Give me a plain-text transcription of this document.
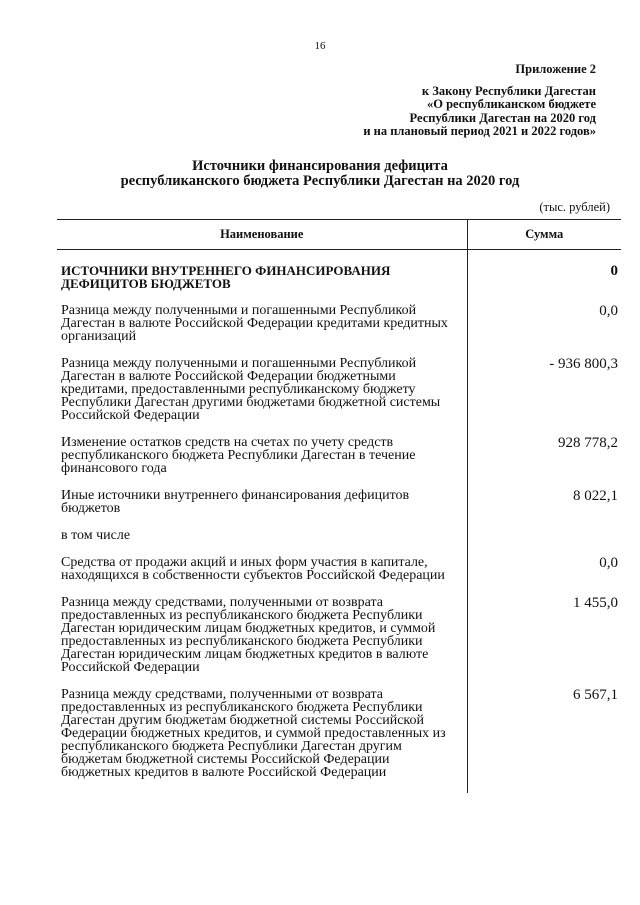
16
Приложение 2
к Закону Республики Дагестан
«О республиканском бюджете
Республики Дагестан на 2020 год
и на плановый период 2021 и 2022 годов»
Источники финансирования дефицита
республиканского бюджета Республики Дагестан на 2020 год
(тыс. рублей)
Наименование	Сумма

ИСТОЧНИКИ ВНУТРЕННЕГО ФИНАНСИРОВАНИЯ ДЕФИЦИТОВ БЮДЖЕТОВ	0

Разница между полученными и погашенными Республикой Дагестан в валюте Российской Федерации кредитами кредитных организаций	0,0

Разница между полученными и погашенными Республикой Дагестан в валюте Российской Федерации бюджетными кредитами, предоставленными республиканскому бюджету Республики Дагестан другими бюджетами бюджетной системы Российской Федерации	- 936 800,3

Изменение остатков средств на счетах по учету средств республиканского бюджета Республики Дагестан в течение финансового года	928 778,2

Иные источники внутреннего финансирования дефицитов бюджетов	8 022,1

в том числе	

Средства от продажи акций и иных форм участия в капитале, находящихся в собственности субъектов Российской Федерации	0,0

Разница между средствами, полученными от возврата предоставленных из республиканского бюджета Республики Дагестан юридическим лицам бюджетных кредитов, и суммой предоставленных из республиканского бюджета Республики Дагестан юридическим лицам бюджетных кредитов в валюте Российской Федерации	1 455,0

Разница между средствами, полученными от возврата предоставленных из республиканского бюджета Республики Дагестан другим бюджетам бюджетной системы Российской Федерации бюджетных кредитов, и суммой предоставленных из республиканского бюджета Республики Дагестан другим бюджетам бюджетной системы Российской Федерации бюджетных кредитов в валюте Российской Федерации	6 567,1
